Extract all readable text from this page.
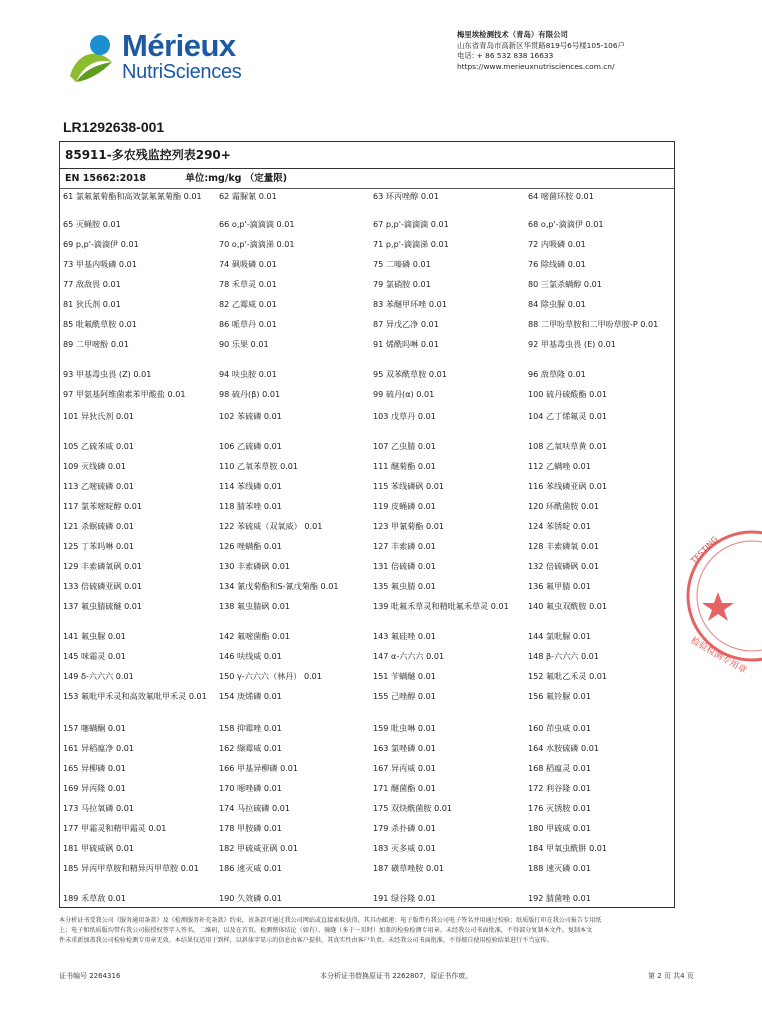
Mérieux
NutriSciences
梅里埃检测技术（青岛）有限公司
山东省青岛市高新区华贯路819号6号楼105-106户
电话: + 86 532 838 16633
https://www.merieuxnutrisciences.com.cn/
LR1292638-001
85911-多农残监控列表290+
EN 15662:2018	单位:mg/kg （定量限)
61 氯氟氰菊酯和高效氯氟氰菊酯 0.01	62 霜脲氰 0.01	63 环丙唑醇 0.01	64 嘧菌环胺 0.01
65 灭蝇胺 0.01	66 o,p'-滴滴滴 0.01	67 p,p'-滴滴滴 0.01	68 o,p'-滴滴伊 0.01
69 p,p'-滴滴伊 0.01	70 o,p'-滴滴涕 0.01	71 p,p'-滴滴涕 0.01	72 内吸磷 0.01
73 甲基内吸磷 0.01	74 砜吸磷 0.01	75 二嗪磷 0.01	76 除线磷 0.01
77 敌敌畏 0.01	78 禾草灵 0.01	79 氯硝胺 0.01	80 三氯杀螨醇 0.01
81 狄氏剂 0.01	82 乙霉威 0.01	83 苯醚甲环唑 0.01	84 除虫脲 0.01
85 吡氟酰草胺 0.01	86 哌草丹 0.01	87 异戊乙净 0.01	88 二甲吩草胺和二甲吩草胺-P 0.01
89 二甲嘧酚 0.01	90 乐果 0.01	91 烯酰吗啉 0.01	92 甲基毒虫畏 (E) 0.01
93 甲基毒虫畏 (Z) 0.01	94 呋虫胺 0.01	95 双苯酰草胺 0.01	96 敌草隆 0.01
97 甲氨基阿维菌素苯甲酸盐 0.01	98 硫丹(β) 0.01	99 硫丹(α) 0.01	100 硫丹硫酸酯 0.01
101 异狄氏剂 0.01	102 苯硫磷 0.01	103 戊草丹 0.01	104 乙丁烯氟灵 0.01
105 乙硫苯威 0.01	106 乙硫磷 0.01	107 乙虫腈 0.01	108 乙氧呋草黄 0.01
109 灭线磷 0.01	110 乙氧苯草胺 0.01	111 醚菊酯 0.01	112 乙螨唑 0.01
113 乙嘧硫磷 0.01	114 苯线磷 0.01	115 苯线磷砜 0.01	116 苯线磷亚砜 0.01
117 氯苯嘧啶醇 0.01	118 腈苯唑 0.01	119 皮蝇磷 0.01	120 环酰菌胺 0.01
121 杀螟硫磷 0.01	122 苯硫威（双氧威） 0.01	123 甲氰菊酯 0.01	124 苯锈啶 0.01
125 丁苯吗啉 0.01	126 唑螨酯 0.01	127 丰索磷 0.01	128 丰索磷氧 0.01
129 丰索磷氧砜 0.01	130 丰索磷砜 0.01	131 倍硫磷 0.01	132 倍硫磷砜 0.01
133 倍硫磷亚砜 0.01	134 氰戊菊酯和S-氰戊菊酯 0.01	135 氟虫腈 0.01	136 氟甲腈 0.01
137 氟虫腈硫醚 0.01	138 氟虫腈砜 0.01	139 吡氟禾草灵和精吡氟禾草灵 0.01	140 氟虫双酰胺 0.01
141 氟虫脲 0.01	142 氟嘧菌酯 0.01	143 氟硅唑 0.01	144 氯吡脲 0.01
145 咪霜灵 0.01	146 呋线威 0.01	147 α-六六六 0.01	148 β-六六六 0.01
149 δ-六六六 0.01	150 γ-六六六（林丹） 0.01	151 苄螨醚 0.01	152 氟吡乙禾灵 0.01
153 氟吡甲禾灵和高效氟吡甲禾灵 0.01	154 庚烯磷 0.01	155 己唑醇 0.01	156 氟铃脲 0.01
157 噻螨酮 0.01	158 抑霉唑 0.01	159 吡虫啉 0.01	160 茚虫威 0.01
161 异稻瘟净 0.01	162 缬霉威 0.01	163 氯唑磷 0.01	164 水胺硫磷 0.01
165 异柳磷 0.01	166 甲基异柳磷 0.01	167 异丙威 0.01	168 稻瘟灵 0.01
169 异丙隆 0.01	170 噁唑磷 0.01	171 醚菌酯 0.01	172 利谷隆 0.01
173 马拉氧磷 0.01	174 马拉硫磷 0.01	175 双炔酰菌胺 0.01	176 灭锈胺 0.01
177 甲霜灵和精甲霜灵 0.01	178 甲胺磷 0.01	179 杀扑磷 0.01	180 甲硫威 0.01
181 甲硫威砜 0.01	182 甲硫威亚砜 0.01	183 灭多威 0.01	184 甲氧虫酰肼 0.01
185 异丙甲草胺和精异丙甲草胺 0.01	186 速灭威 0.01	187 磺草唑胺 0.01	188 速灭磷 0.01
189 禾草敌 0.01	190 久效磷 0.01	191 绿谷隆 0.01	192 腈菌唑 0.01
本分析证书受我公司《服务通用条款》及《检测服务补充条款》约束，该条款可通过我公司网站或直接索取获得，其具办邮递：电子版带有我公司电子签名并用通过校验；纸质版打印在我公司报告专用纸
上；电子和纸质版均带有我公司报授权签字人签名、二维码，以及在首页，检测整体结论（如有）、骑缝（多于一页时）加盖的检验检测专用章。未经我公司书面批准，不得部分复制本文件。复制本文
件未重新加盖我公司检验检测专用章无效。本结果仅适用于到样，以斜体字显示的信息由客户提供，其真实性由客户负责。未经我公司书面批准，不得擅自使用检验结果进行不当宣传。
证书编号 2264316	本分析证书替换原证书 2262807，原证书作废。	第 2 页 共4 页
TESTING
检验检测专用章
